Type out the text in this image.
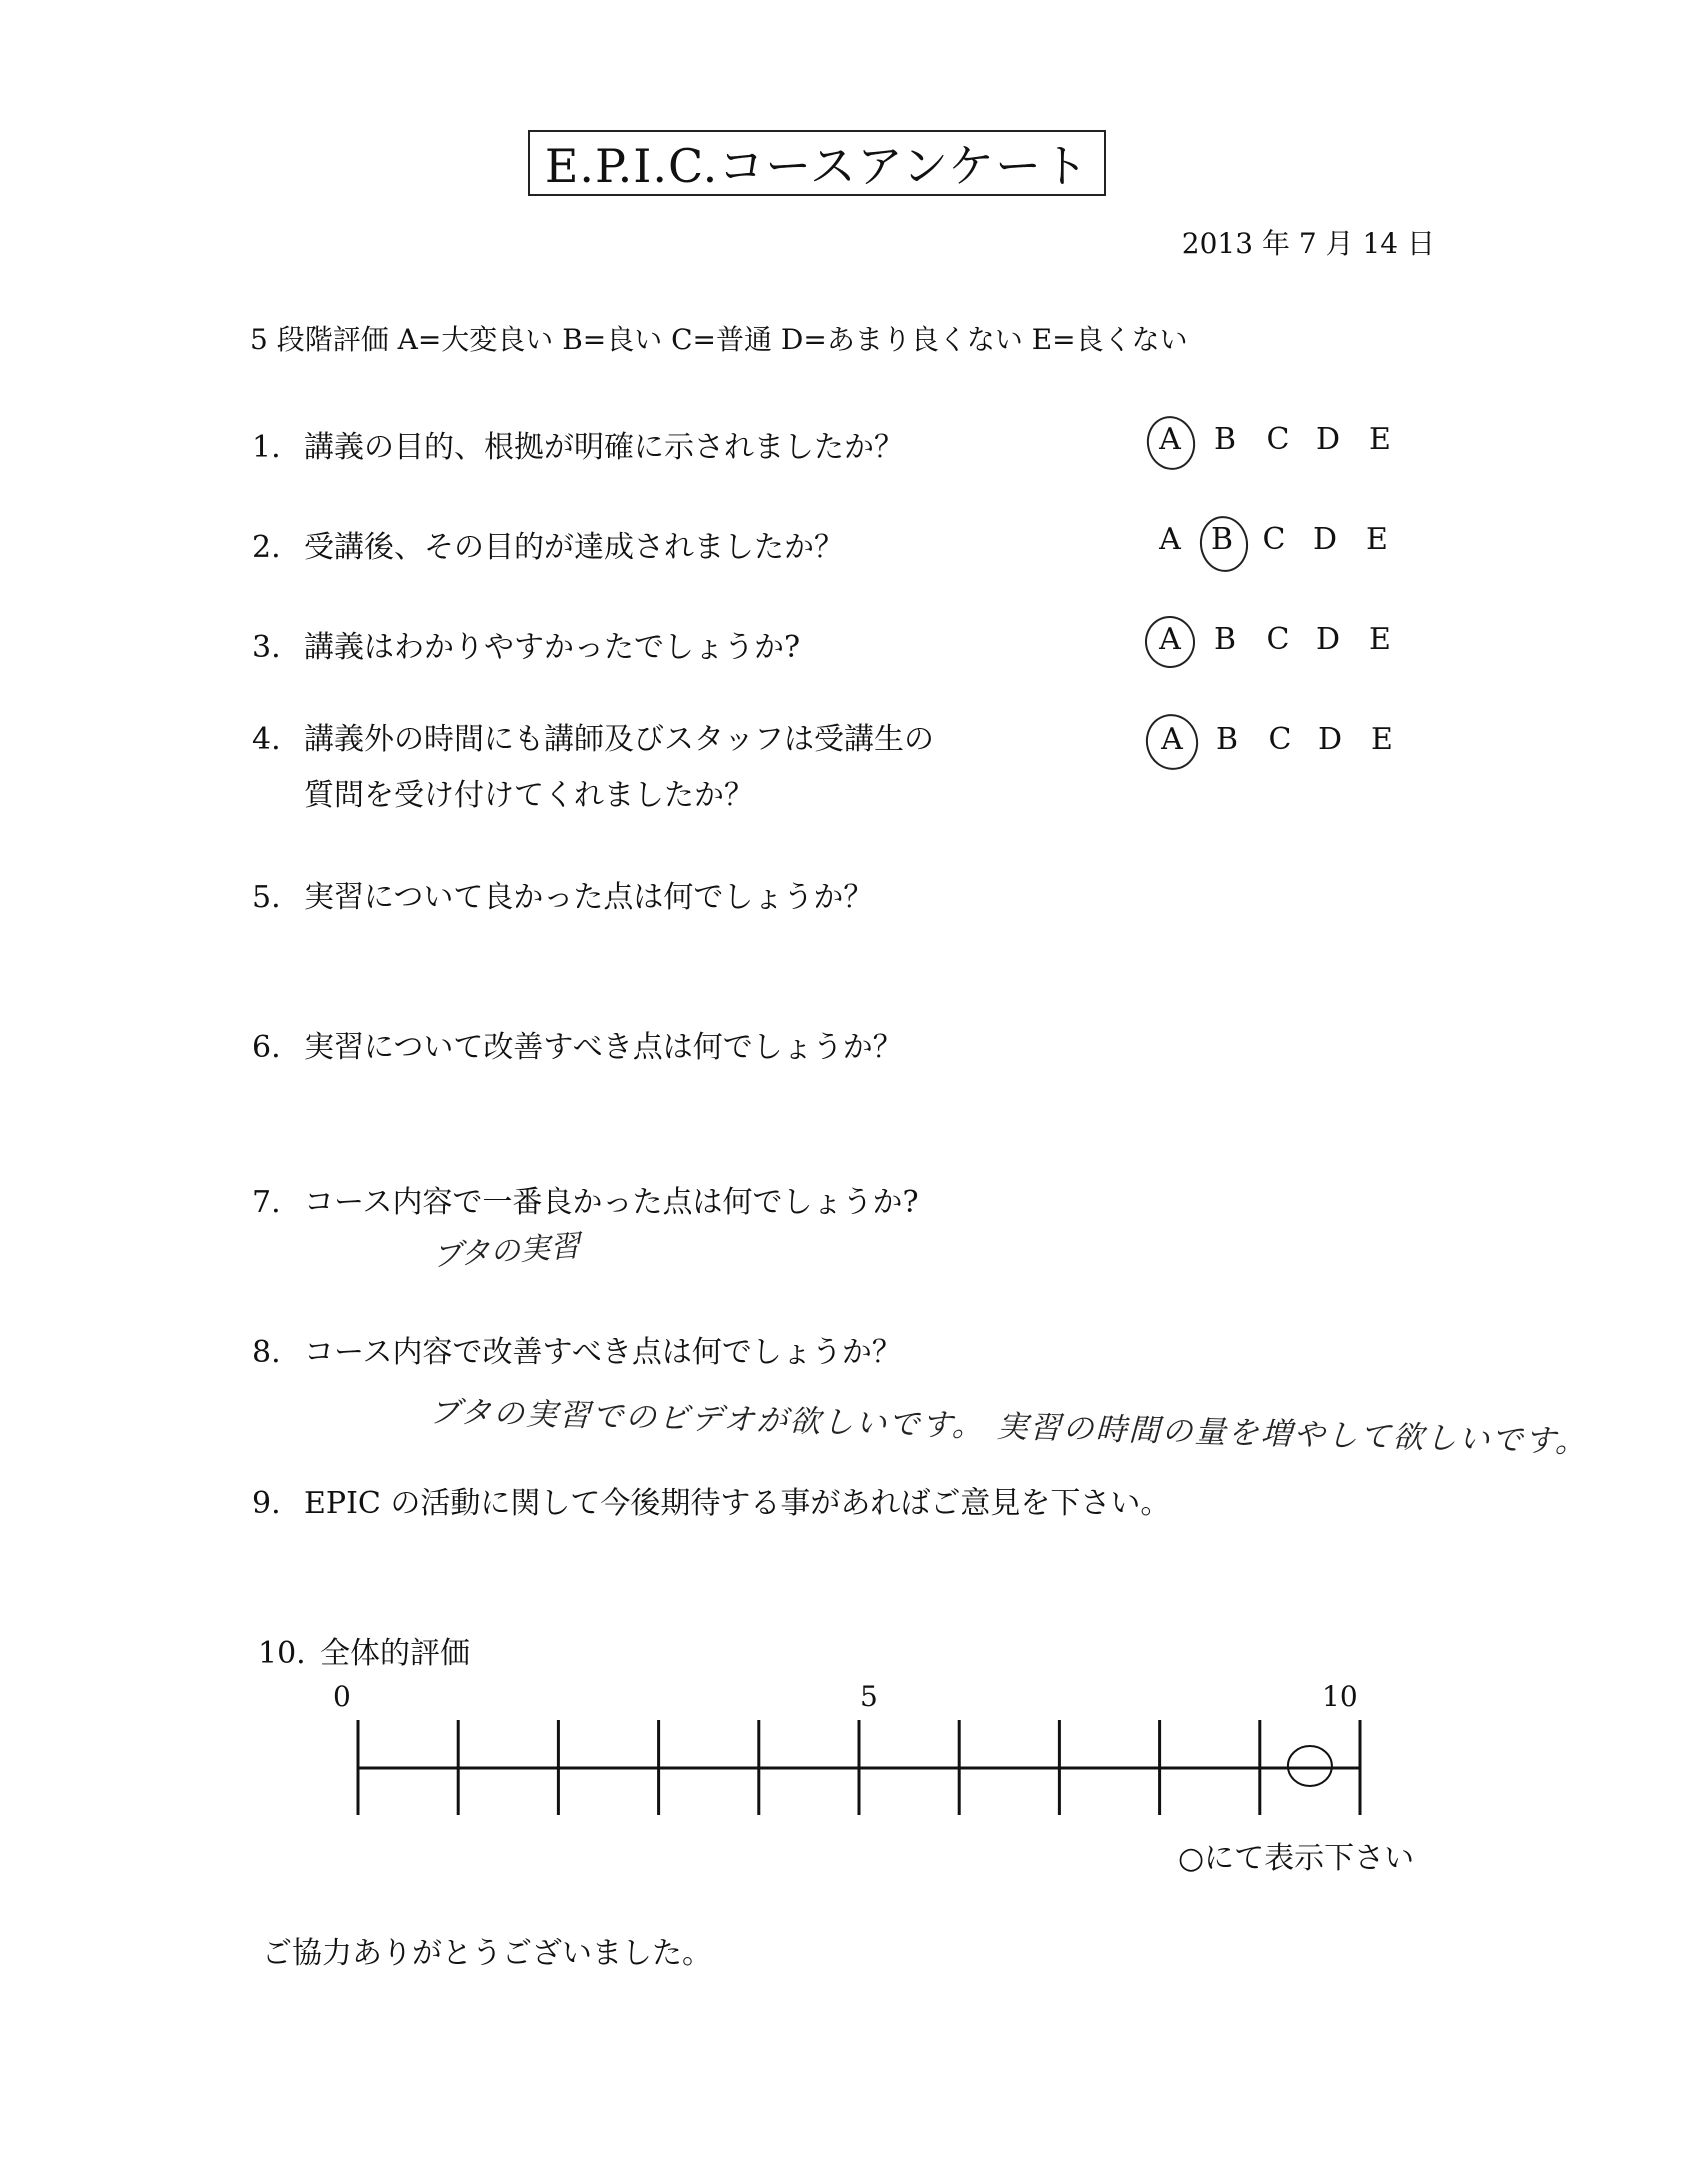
E.P.I.C.コースアンケート
2013 年 7 月 14 日
5 段階評価 A=大変良い B=良い C=普通 D=あまり良くない E=良くない
1. 講義の目的、根拠が明確に示されましたか？	A	B C D E
2. 受講後、その目的が達成されましたか？	A	B C D E
3. 講義はわかりやすかったでしょうか?	A	B C D E
4. 講義外の時間にも講師及びスタッフは受講生の
質問を受け付けてくれましたか？
A	B C D E
5. 実習について良かった点は何でしょうか？
6. 実習について改善すべき点は何でしょうか？
7. コース内容で一番良かった点は何でしょうか?
ブタの実習
8. コース内容で改善すべき点は何でしょうか？
ブタの実習でのビデオが欲しいです。 実習の時間の量を増やして欲しいです。
9. EPIC の活動に関して今後期待する事があればご意見を下さい。
10. 全体的評価
0	5	10
○にて表示下さい
ご協力ありがとうございました。
